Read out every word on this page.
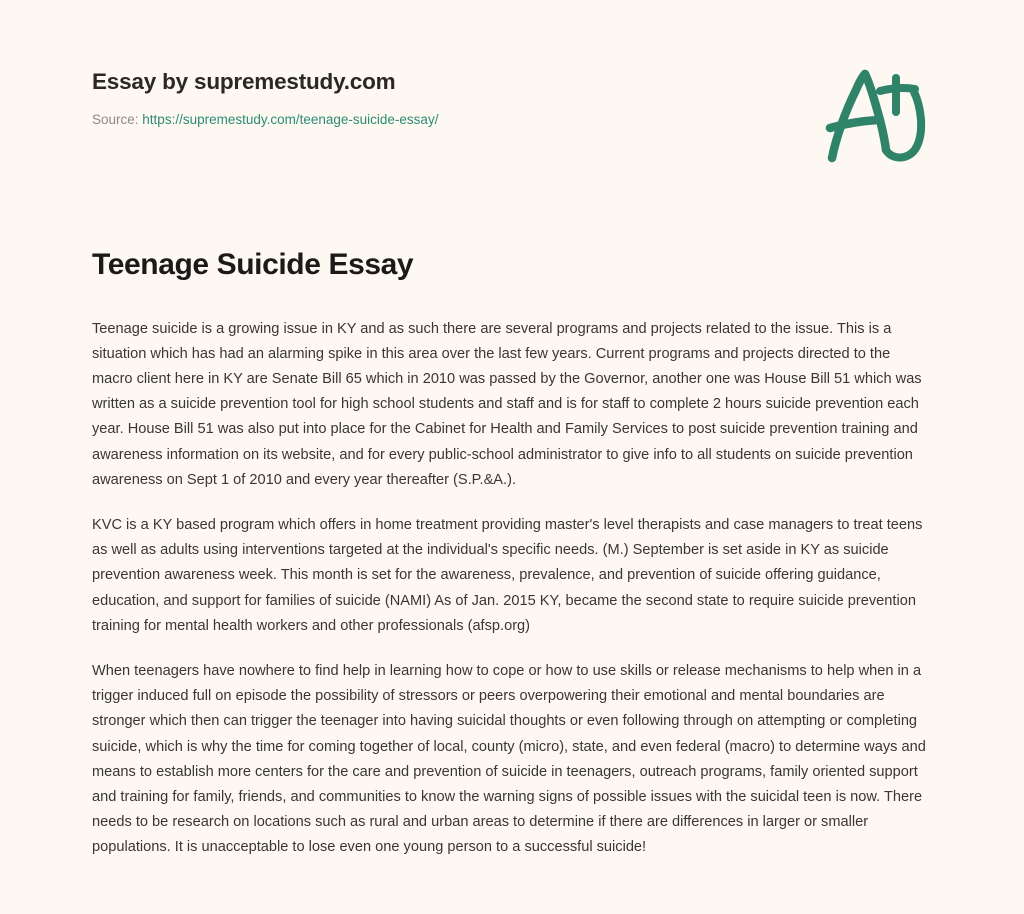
Essay by supremestudy.com
Source: https://supremestudy.com/teenage-suicide-essay/
Teenage Suicide Essay

Teenage suicide is a growing issue in KY and as such there are several programs and projects related to the issue. This is a situation which has had an alarming spike in this area over the last few years. Current programs and projects directed to the macro client here in KY are Senate Bill 65 which in 2010 was passed by the Governor, another one was House Bill 51 which was written as a suicide prevention tool for high school students and staff and is for staff to complete 2 hours suicide prevention each year. House Bill 51 was also put into place for the Cabinet for Health and Family Services to post suicide prevention training and awareness information on its website, and for every public-school administrator to give info to all students on suicide prevention awareness on Sept 1 of 2010 and every year thereafter (S.P.&A.).

KVC is a KY based program which offers in home treatment providing master's level therapists and case managers to treat teens as well as adults using interventions targeted at the individual's specific needs. (M.) September is set aside in KY as suicide prevention awareness week. This month is set for the awareness, prevalence, and prevention of suicide offering guidance, education, and support for families of suicide (NAMI) As of Jan. 2015 KY, became the second state to require suicide prevention training for mental health workers and other professionals (afsp.org)

When teenagers have nowhere to find help in learning how to cope or how to use skills or release mechanisms to help when in a trigger induced full on episode the possibility of stressors or peers overpowering their emotional and mental boundaries are stronger which then can trigger the teenager into having suicidal thoughts or even following through on attempting or completing suicide, which is why the time for coming together of local, county (micro), state, and even federal (macro) to determine ways and means to establish more centers for the care and prevention of suicide in teenagers, outreach programs, family oriented support and training for family, friends, and communities to know the warning signs of possible issues with the suicidal teen is now. There needs to be research on locations such as rural and urban areas to determine if there are differences in larger or smaller populations. It is unacceptable to lose even one young person to a successful suicide!
